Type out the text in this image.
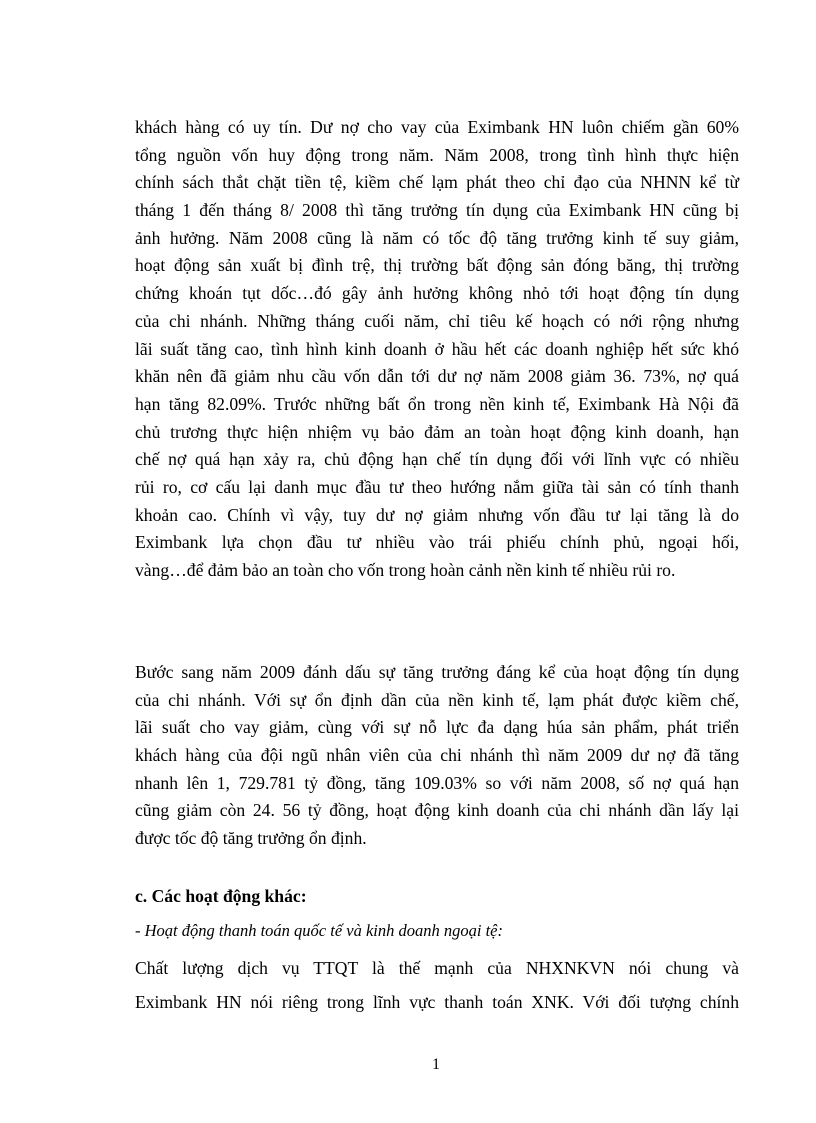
khách hàng có uy tín. Dư nợ cho vay của Eximbank HN luôn chiếm gần 60%
tổng nguồn vốn huy động trong năm. Năm 2008, trong tình hình thực hiện
chính sách thắt chặt tiền tệ, kiềm chế lạm phát theo chỉ đạo của NHNN kể từ
tháng 1 đến tháng 8/ 2008 thì tăng trưởng tín dụng của Eximbank HN cũng bị
ảnh hưởng. Năm 2008 cũng là năm có tốc độ tăng trưởng kinh tế suy giảm,
hoạt động sản xuất bị đình trệ, thị trường bất động sản đóng băng, thị trường
chứng khoán tụt dốc…đó gây ảnh hưởng không nhỏ tới hoạt động tín dụng
của chi nhánh. Những tháng cuối năm, chỉ tiêu kế hoạch có nới rộng nhưng
lãi suất tăng cao, tình hình kinh doanh ở hầu hết các doanh nghiệp hết sức khó
khăn nên đã giảm nhu cầu vốn dẫn tới dư nợ năm 2008 giảm 36. 73%, nợ quá
hạn tăng 82.09%. Trước những bất ổn trong nền kinh tế, Eximbank Hà Nội đã
chủ trương thực hiện nhiệm vụ bảo đảm an toàn hoạt động kinh doanh, hạn
chế nợ quá hạn xảy ra, chủ động hạn chế tín dụng đối với lĩnh vực có nhiều
rủi ro, cơ cấu lại danh mục đầu tư theo hướng nắm giữa tài sản có tính thanh
khoản cao. Chính vì vậy, tuy dư nợ giảm nhưng vốn đầu tư lại tăng là do
Eximbank lựa chọn đầu tư nhiều vào trái phiếu chính phủ, ngoại hối,
vàng…để đảm bảo an toàn cho vốn trong hoàn cảnh nền kinh tế nhiều rủi ro.
Bước sang năm 2009 đánh dấu sự tăng trưởng đáng kể của hoạt động tín dụng
của chi nhánh. Với sự ổn định dần của nền kinh tế, lạm phát được kiềm chế,
lãi suất cho vay giảm, cùng với sự nỗ lực đa dạng húa sản phẩm, phát triển
khách hàng của đội ngũ nhân viên của chi nhánh thì năm 2009 dư nợ đã tăng
nhanh lên 1, 729.781 tỷ đồng, tăng 109.03% so với năm 2008, số nợ quá hạn
cũng giảm còn 24. 56 tỷ đồng, hoạt động kinh doanh của chi nhánh dần lấy lại
được tốc độ tăng trưởng ổn định.
c. Các hoạt động khác:
- Hoạt động thanh toán quốc tế và kinh doanh ngoại tệ:
Chất lượng dịch vụ TTQT là thế mạnh của NHXNKVN nói chung và
Eximbank HN nói riêng trong lĩnh vực thanh toán XNK. Với đối tượng chính
1
